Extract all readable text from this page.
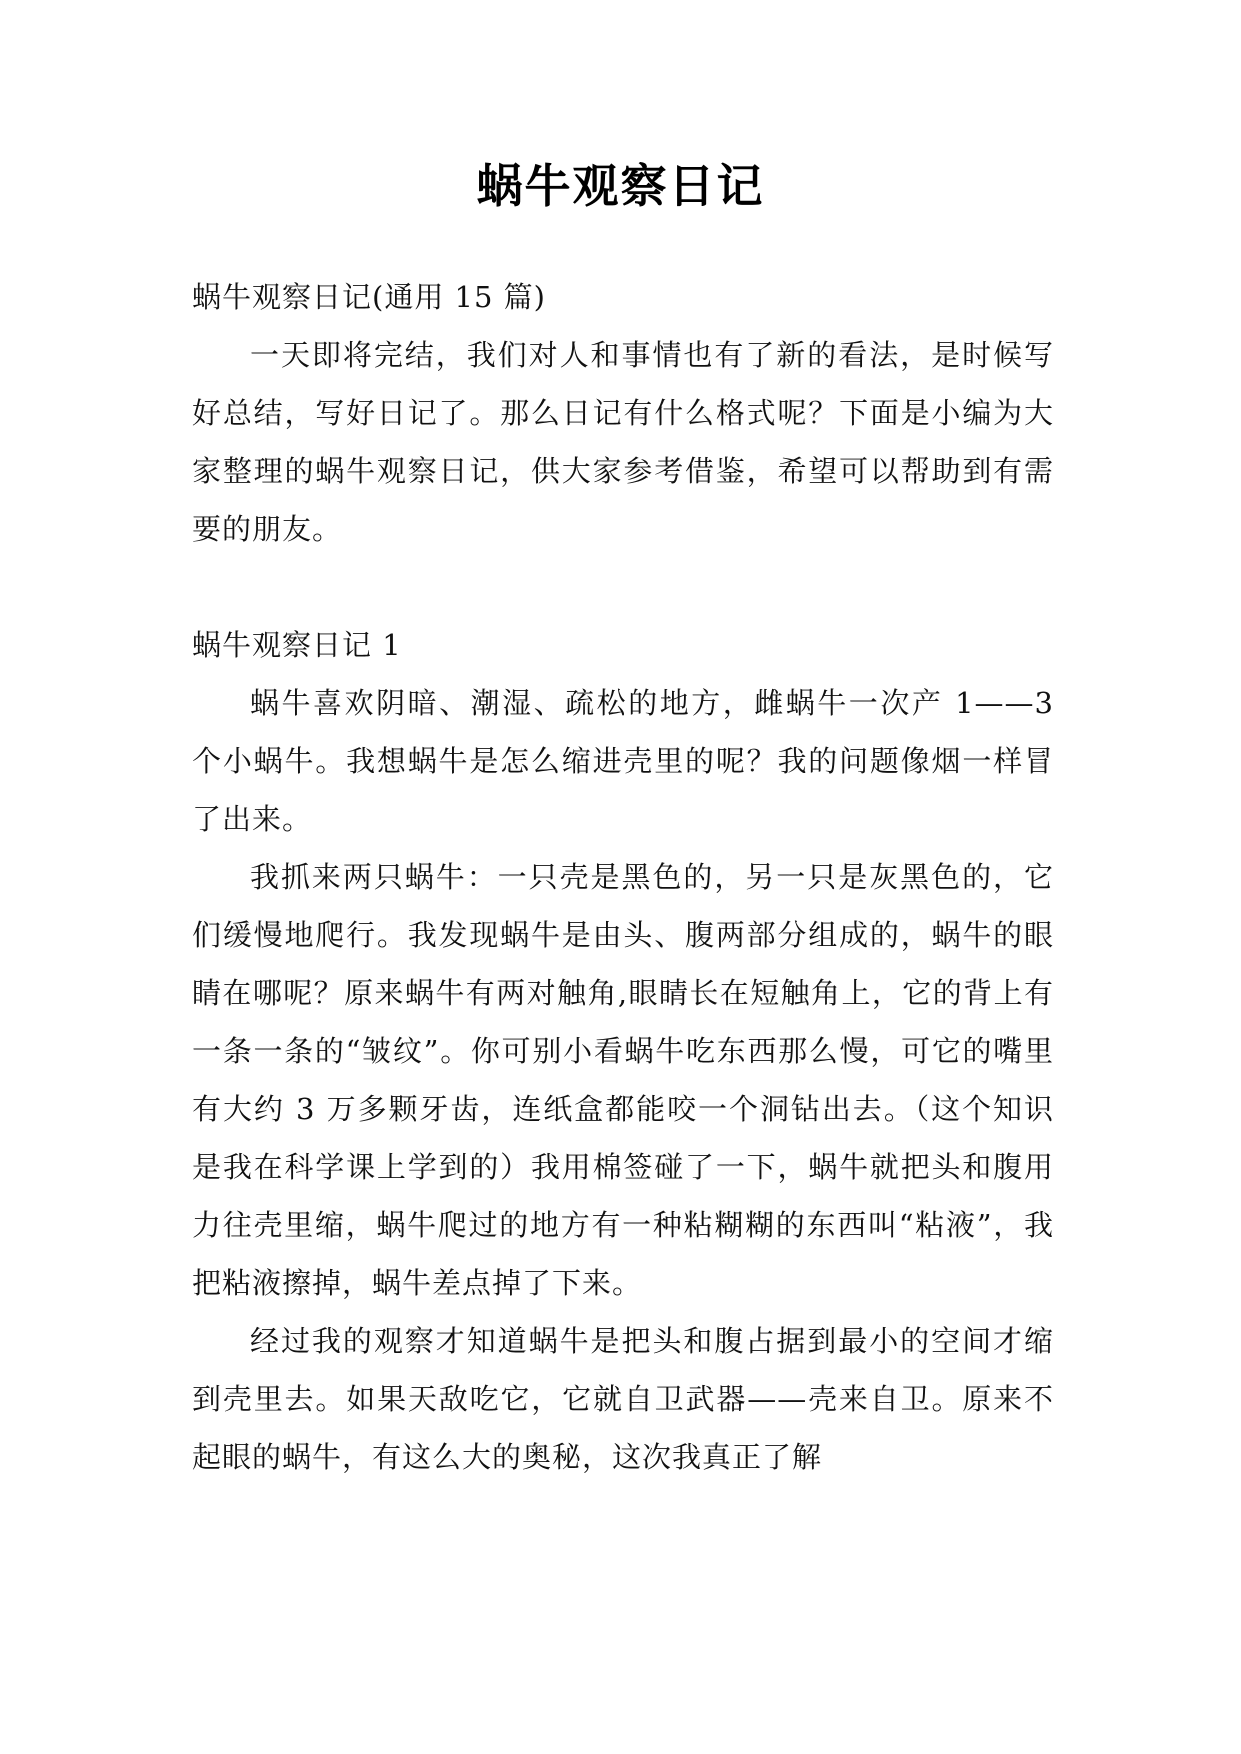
蜗牛观察日记

蜗牛观察日记(通用 15 篇)

一天即将完结，我们对人和事情也有了新的看法，是时候写好总结，写好日记了。那么日记有什么格式呢？下面是小编为大家整理的蜗牛观察日记，供大家参考借鉴，希望可以帮助到有需要的朋友。

蜗牛观察日记 1

蜗牛喜欢阴暗、潮湿、疏松的地方，雌蜗牛一次产 1——3 个小蜗牛。我想蜗牛是怎么缩进壳里的呢？我的问题像烟一样冒了出来。

我抓来两只蜗牛：一只壳是黑色的，另一只是灰黑色的，它们缓慢地爬行。我发现蜗牛是由头、腹两部分组成的，蜗牛的眼睛在哪呢？原来蜗牛有两对触角,眼睛长在短触角上，它的背上有一条一条的“皱纹”。你可别小看蜗牛吃东西那么慢，可它的嘴里有大约 3 万多颗牙齿，连纸盒都能咬一个洞钻出去。（这个知识是我在科学课上学到的）我用棉签碰了一下，蜗牛就把头和腹用力往壳里缩，蜗牛爬过的地方有一种粘糊糊的东西叫“粘液”，我把粘液擦掉，蜗牛差点掉了下来。

经过我的观察才知道蜗牛是把头和腹占据到最小的空间才缩到壳里去。如果天敌吃它，它就自卫武器——壳来自卫。原来不起眼的蜗牛，有这么大的奥秘，这次我真正了解
